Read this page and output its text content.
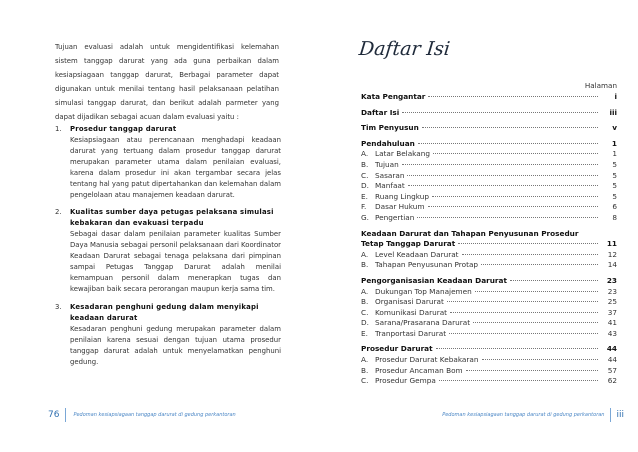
Tujuan evaluasi adalah untuk mengidentifikasi kelemahan sistem tanggap darurat yang ada guna perbaikan dalam kesiapsiagaan tanggap darurat, Berbagai parameter dapat digunakan untuk menilai tentang hasil pelaksanaan pelatihan simulasi tanggap darurat, dan berikut adalah parmeter yang dapat dijadikan sebagai acuan dalam evaluasi yaitu :
1. Prosedur tanggap darurat
Kesiapsiagaan atau perencanaan menghadapi keadaan darurat yang tertuang dalam prosedur tanggap darurat merupakan parameter utama dalam penilaian evaluasi, karena dalam prosedur ini akan tergambar secara jelas tentang hal yang patut dipertahankan dan kelemahan dalam pengelolaan atau manajemen keadaan darurat.
2. Kualitas sumber daya petugas pelaksana simulasi kebakaran dan evakuasi terpadu
Sebagai dasar dalam penilaian parameter kualitas Sumber Daya Manusia sebagai personil pelaksanaan dari Koordinator Keadaan Darurat sebagai tenaga pelaksana dari pimpinan sampai Petugas Tanggap Darurat adalah menilai kemampuan personil dalam menerapkan tugas dan kewajiban baik secara perorangan maupun kerja sama tim.
3. Kesadaran penghuni gedung dalam menyikapi keadaan darurat
Kesadaran penghuni gedung merupakan parameter dalam penilaian karena sesuai dengan tujuan utama prosedur tanggap darurat adalah untuk menyelamatkan penghuni gedung.
76	Pedoman kesiapsiagaan tanggap darurat di gedung perkantoran
Daftar Isi
Halaman
Kata Pengantar	i
Daftar Isi	iii
Tim Penyusun	v
Pendahuluan	1
A. Latar Belakang	1
B. Tujuan	5
C. Sasaran	5
D. Manfaat	5
E. Ruang Lingkup	5
F.	Dasar Hukum	6
G. Pengertian	8
Keadaan Darurat dan Tahapan Penyusunan Prosedur
Tetap Tanggap Darurat	11
A. Level Keadaan Darurat	12
B. Tahapan Penyusunan Protap	14
Pengorganisasian Keadaan Darurat	23
A. Dukungan Top Manajemen	23
B. Organisasi Darurat	25
C. Komunikasi Darurat	37
D. Sarana/Prasarana Darurat	41
E. Tranportasi Darurat	43
Prosedur Darurat	44
A. Prosedur Darurat Kebakaran	44
B. Prosedur Ancaman Bom	57
C. Prosedur Gempa	62
Pedoman kesiapsiagaan tanggap darurat di gedung perkantoran	iii
